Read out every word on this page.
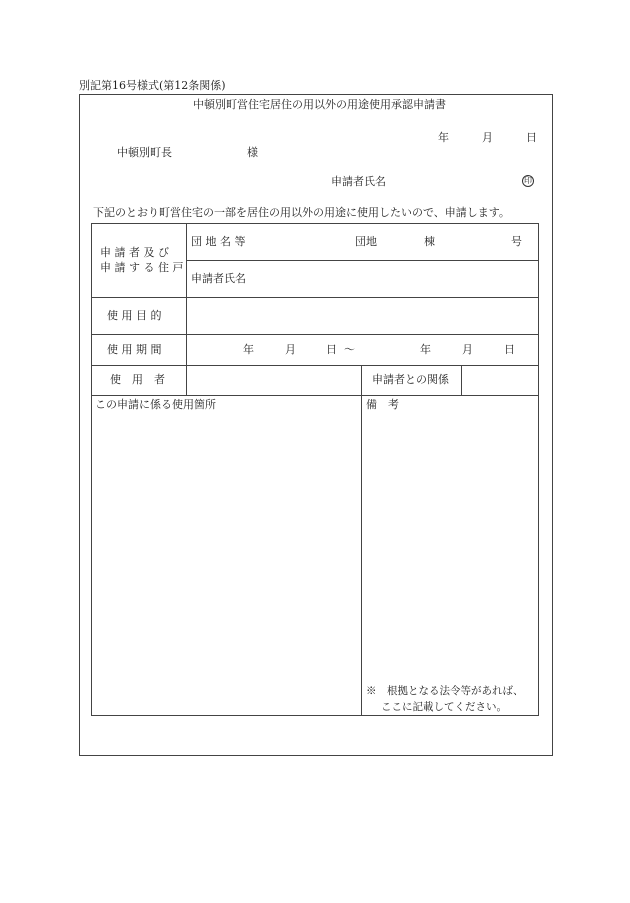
別記第16号様式(第12条関係)
中頓別町営住宅居住の用以外の用途使用承認申請書
年	月	日
中頓別町長	様
申請者氏名	印
下記のとおり町営住宅の一部を居住の用以外の用途に使用したいので、申請します。
申 請 者 及 び
申 請 す る 住 戸
団 地 名 等	団地	棟	号
申請者氏名
使 用 目 的
使 用 期 間	年	月	日 ～	年	月	日
使　用　者	申請者との関係
この申請に係る使用箇所	備　考
※　根拠となる法令等があれば、
ここに記載してください。
